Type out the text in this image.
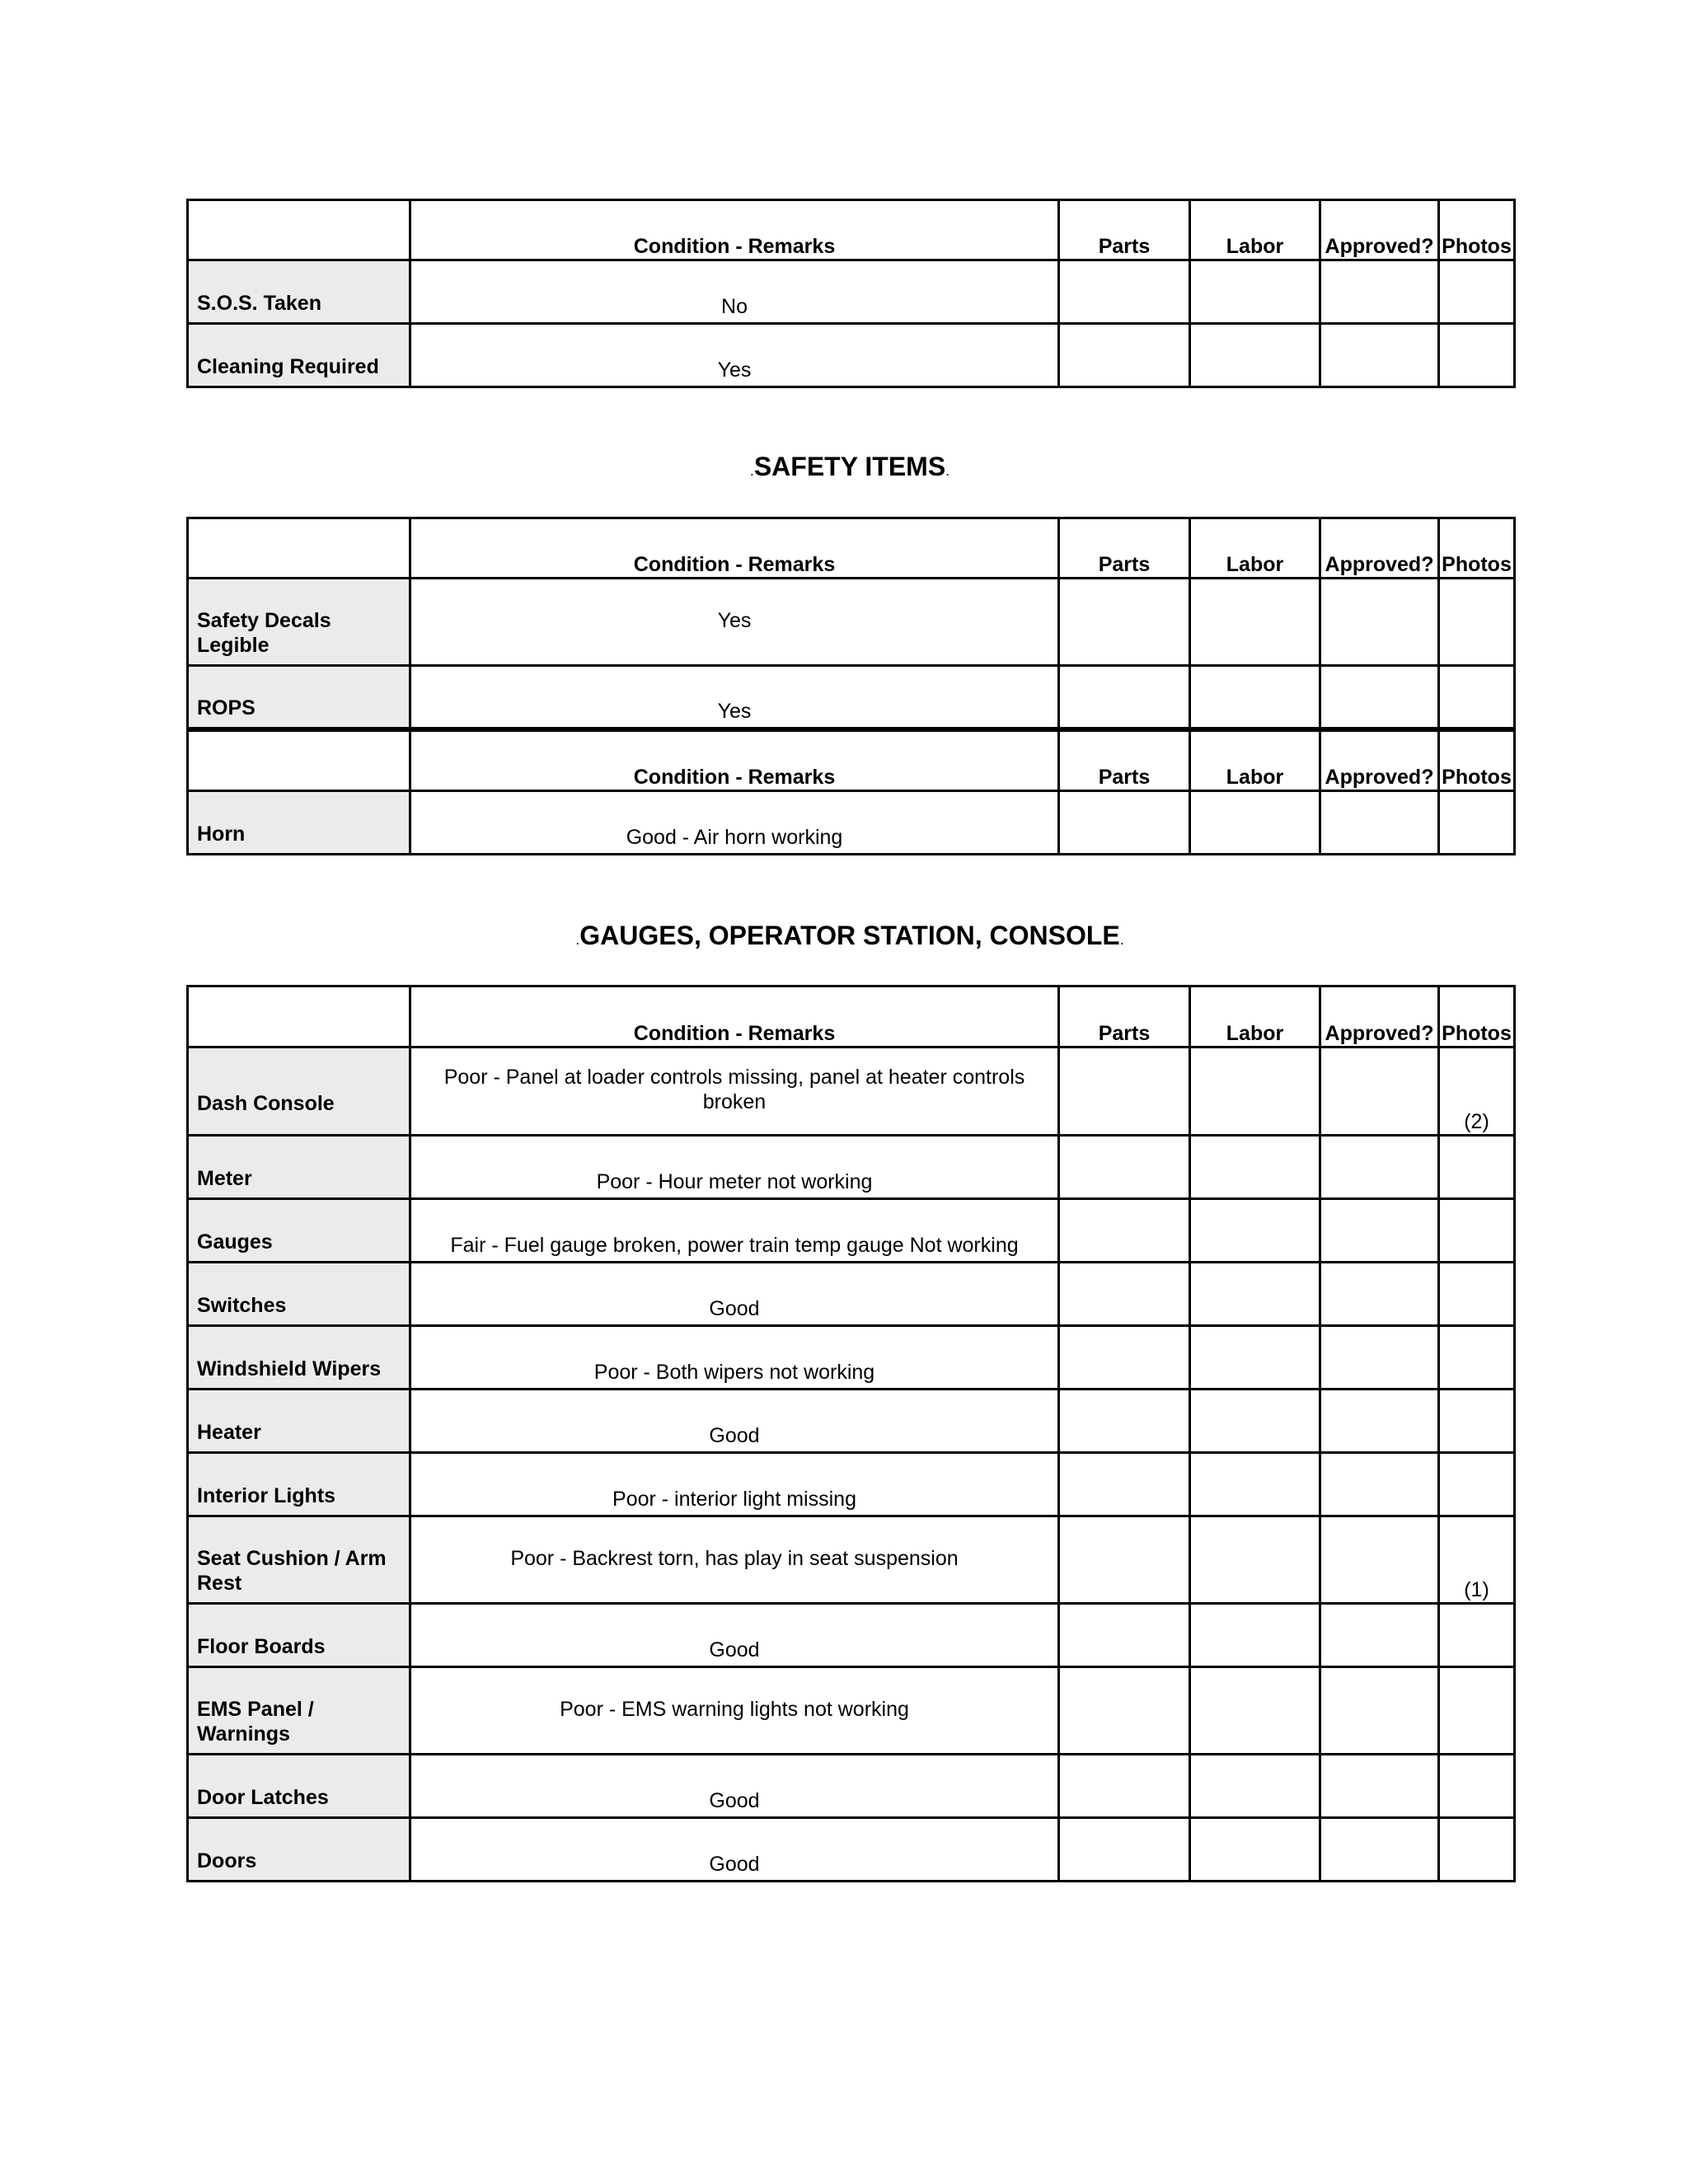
	Condition - Remarks	Parts	Labor	Approved?	Photos
S.O.S. Taken	No				
Cleaning Required	Yes				
.SAFETY ITEMS.
	Condition - Remarks	Parts	Labor	Approved?	Photos
Safety Decals Legible	Yes				
ROPS	Yes				
	Condition - Remarks	Parts	Labor	Approved?	Photos
Horn	Good - Air horn working				
.GAUGES, OPERATOR STATION, CONSOLE.
	Condition - Remarks	Parts	Labor	Approved?	Photos
Dash Console	Poor - Panel at loader controls missing, panel at heater controls broken				(2)
Meter	Poor - Hour meter not working				
Gauges	Fair - Fuel gauge broken, power train temp gauge Not working				
Switches	Good				
Windshield Wipers	Poor - Both wipers not working				
Heater	Good				
Interior Lights	Poor - interior light missing				
Seat Cushion / Arm Rest	Poor - Backrest torn, has play in seat suspension				(1)
Floor Boards	Good				
EMS Panel / Warnings	Poor - EMS warning lights not working				
Door Latches	Good				
Doors	Good				
